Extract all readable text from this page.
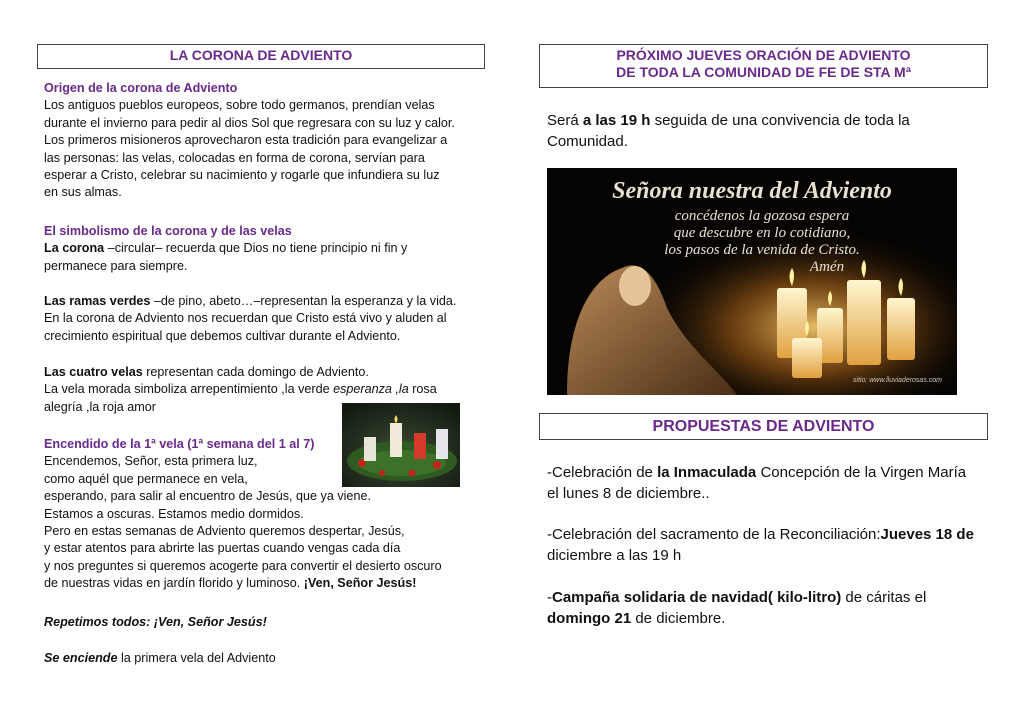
LA CORONA DE ADVIENTO

Origen de la corona de Adviento

Los antiguos pueblos europeos, sobre todo germanos, prendían velas

durante el invierno para pedir al dios Sol que regresara con su luz y calor.

Los primeros misioneros aprovecharon esta tradición para evangelizar a

las personas: las velas, colocadas en forma de corona, servían para

esperar a Cristo, celebrar su nacimiento y rogarle que infundiera su luz

en sus almas.

El simbolismo de la corona y de las velas

La corona –circular– recuerda que Dios no tiene principio ni fin y

permanece para siempre.

Las ramas verdes –de pino, abeto…–representan la esperanza y la vida.

En la corona de Adviento nos recuerdan que Cristo está vivo y aluden al

crecimiento espiritual que debemos cultivar durante el Adviento.

Las cuatro velas representan cada domingo de Adviento.

La vela morada simboliza arrepentimiento ,la verde esperanza ,la rosa

alegría ,la roja amor

Encendido de la 1ª vela (1ª semana del 1 al 7)

Encendemos, Señor, esta primera luz,

como aquél que permanece en vela,

esperando, para salir al encuentro de Jesús, que ya viene.

Estamos a oscuras. Estamos medio dormidos.

Pero en estas semanas de Adviento queremos despertar, Jesús,

y estar atentos para abrirte las puertas cuando vengas cada día

y nos preguntes si queremos acogerte para convertir el desierto oscuro

de nuestras vidas en jardín florido y luminoso. ¡Ven, Señor Jesús!

Repetimos todos: ¡Ven, Señor Jesús!

Se enciende la primera vela del Adviento

PRÓXIMO JUEVES ORACIÓN DE ADVIENTO
DE TODA LA COMUNIDAD DE FE DE STA Mª

Será a las 19 h seguida de una convivencia de toda la

Comunidad.

Señora nuestra del Adviento
concédenos la gozosa espera
que descubre en lo cotidiano,
los pasos de la venida de Cristo.
Amén
sitio: www.lluviaderosas.com
PROPUESTAS DE ADVIENTO

-Celebración de la Inmaculada Concepción de la Virgen María

el lunes 8 de diciembre..

-Celebración del sacramento de la Reconciliación:Jueves 18 de

diciembre a las 19 h

-Campaña solidaria de navidad( kilo-litro) de cáritas el

domingo 21 de diciembre.
